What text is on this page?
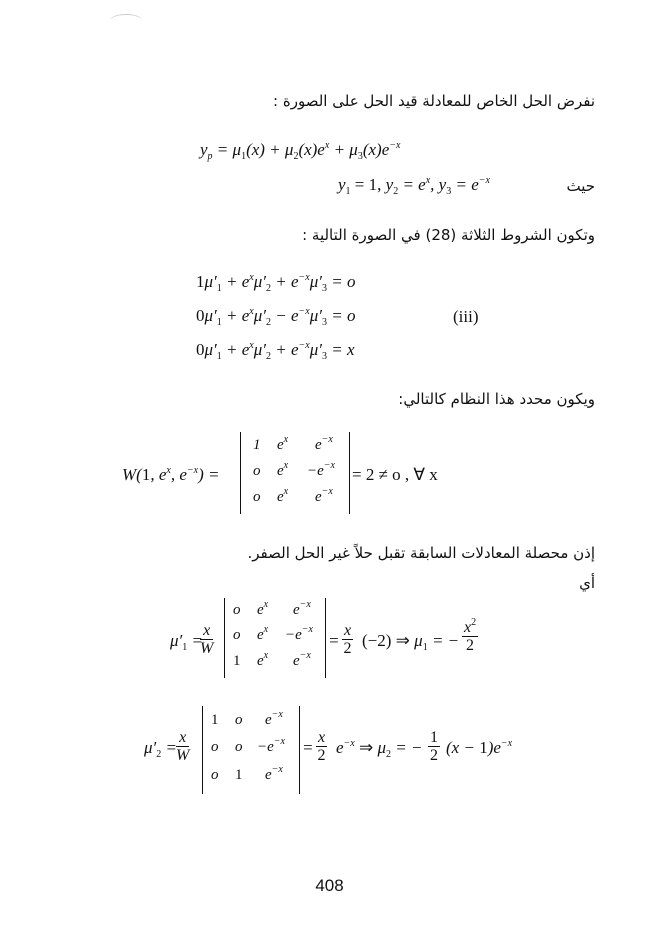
نفرض الحل الخاص للمعادلة قيد الحل على الصورة :
$y_p = \mu_1(x) + \mu_2(x)e^x + \mu_3(x)e^{-x}$
$y_1 = 1$, $y_2 = e^x$, $y_3 = e^{-x}$	حيث
وتكون الشروط الثلاثة (28) في الصورة التالية :
$1\mu'_1 + e^x\mu'_2 + e^{-x}\mu'_3 = o$
$0\mu'_1 + e^x\mu'_2 - e^{-x}\mu'_3 = o$
$0\mu'_1 + e^x\mu'_2 + e^{-x}\mu'_3 = x$
(iii)
ويكون محدد هذا النظام كالتالي:
W(1, $e^x$, $e^{-x}$) =
1 $e^x$ $e^{-x}$
o $e^x -e^{-x}$
o $e^x$ $e^{-x}$
= 2 ≠ o , ∀ x
إذن محصلة المعادلات السابقة تقبل حلاً غير الحل الصفر.
أي
$\mu'_1$ =
$\frac{x}{W}$
o $e^x$ $e^{-x}$
o $e^x -e^{-x}$
1 $e^x$ $e^{-x}$
= $\frac{x}{2} (-2)$ ⇒ $\mu_1$ = − $\frac{x^2}{2}$
$\mu'_2 = \frac{x}{W}$
1 o $e^{-x}$
o $o -e^{-x}$
o 1 $e^{-x}$
= $\frac{x}{2} e^{-x}$ ⇒ $\mu_2$ = − $\frac{1}{2} (x - 1)e^{-x}$
408
